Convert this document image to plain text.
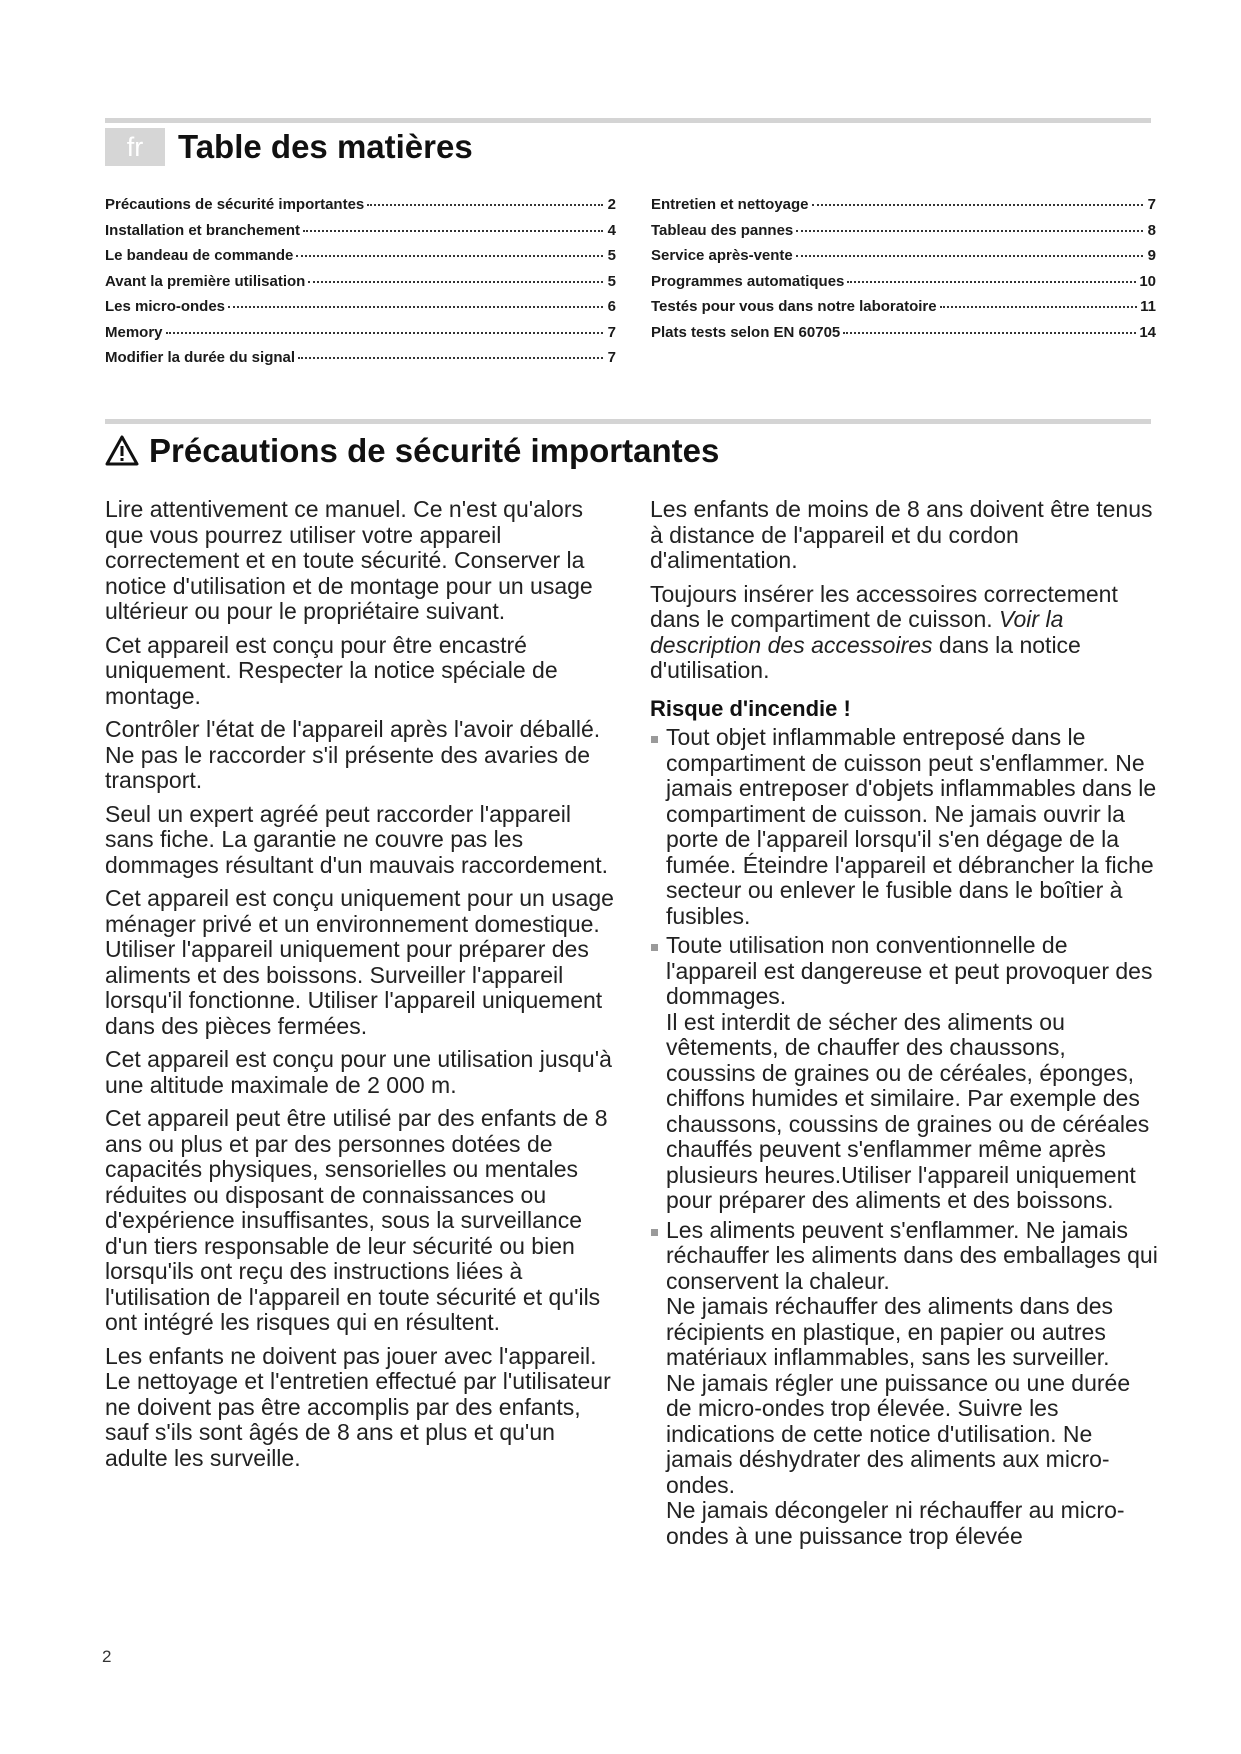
fr	Table des matières
Précautions de sécurité importantes	2
Installation et branchement	4
Le bandeau de commande	5
Avant la première utilisation	5
Les micro-ondes	6
Memory	7
Modifier la durée du signal	7
Entretien et nettoyage	7
Tableau des pannes	8
Service après-vente	9
Programmes automatiques	10
Testés pour vous dans notre laboratoire	11
Plats tests selon EN 60705	14
Précautions de sécurité importantes

Lire attentivement ce manuel. Ce n'est qu'alors que vous pourrez utiliser votre appareil correctement et en toute sécurité. Conserver la notice d'utilisation et de montage pour un usage ultérieur ou pour le propriétaire suivant.

Cet appareil est conçu pour être encastré uniquement. Respecter la notice spéciale de montage.

Contrôler l'état de l'appareil après l'avoir déballé. Ne pas le raccorder s'il présente des avaries de transport.

Seul un expert agréé peut raccorder l'appareil sans fiche. La garantie ne couvre pas les dommages résultant d'un mauvais raccordement.

Cet appareil est conçu uniquement pour un usage ménager privé et un environnement domestique. Utiliser l'appareil uniquement pour préparer des aliments et des boissons. Surveiller l'appareil lorsqu'il fonctionne. Utiliser l'appareil uniquement dans des pièces fermées.

Cet appareil est conçu pour une utilisation jusqu'à une altitude maximale de 2 000 m.

Cet appareil peut être utilisé par des enfants de 8 ans ou plus et par des personnes dotées de capacités physiques, sensorielles ou mentales réduites ou disposant de connaissances ou d'expérience insuffisantes, sous la surveillance d'un tiers responsable de leur sécurité ou bien lorsqu'ils ont reçu des instructions liées à l'utilisation de l'appareil en toute sécurité et qu'ils ont intégré les risques qui en résultent.

Les enfants ne doivent pas jouer avec l'appareil. Le nettoyage et l'entretien effectué par l'utilisateur ne doivent pas être accomplis par des enfants, sauf s'ils sont âgés de 8 ans et plus et qu'un adulte les surveille.

Les enfants de moins de 8 ans doivent être tenus à distance de l'appareil et du cordon d'alimentation.

Toujours insérer les accessoires correctement dans le compartiment de cuisson. Voir la description des accessoires dans la notice d'utilisation.

Risque d'incendie !
Tout objet inflammable entreposé dans le compartiment de cuisson peut s'enflammer. Ne jamais entreposer d'objets inflammables dans le compartiment de cuisson. Ne jamais ouvrir la porte de l'appareil lorsqu'il s'en dégage de la fumée. Éteindre l'appareil et débrancher la fiche secteur ou enlever le fusible dans le boîtier à fusibles.
Toute utilisation non conventionnelle de l'appareil est dangereuse et peut provoquer des dommages.
Il est interdit de sécher des aliments ou vêtements, de chauffer des chaussons, coussins de graines ou de céréales, éponges, chiffons humides et similaire. Par exemple des chaussons, coussins de graines ou de céréales chauffés peuvent s'enflammer même après plusieurs heures.Utiliser l'appareil uniquement pour préparer des aliments et des boissons.
Les aliments peuvent s'enflammer. Ne jamais réchauffer les aliments dans des emballages qui conservent la chaleur.
Ne jamais réchauffer des aliments dans des récipients en plastique, en papier ou autres matériaux inflammables, sans les surveiller.
Ne jamais régler une puissance ou une durée de micro-ondes trop élevée. Suivre les indications de cette notice d'utilisation. Ne jamais déshydrater des aliments aux micro-ondes.
Ne jamais décongeler ni réchauffer au micro-ondes à une puissance trop élevée
2
